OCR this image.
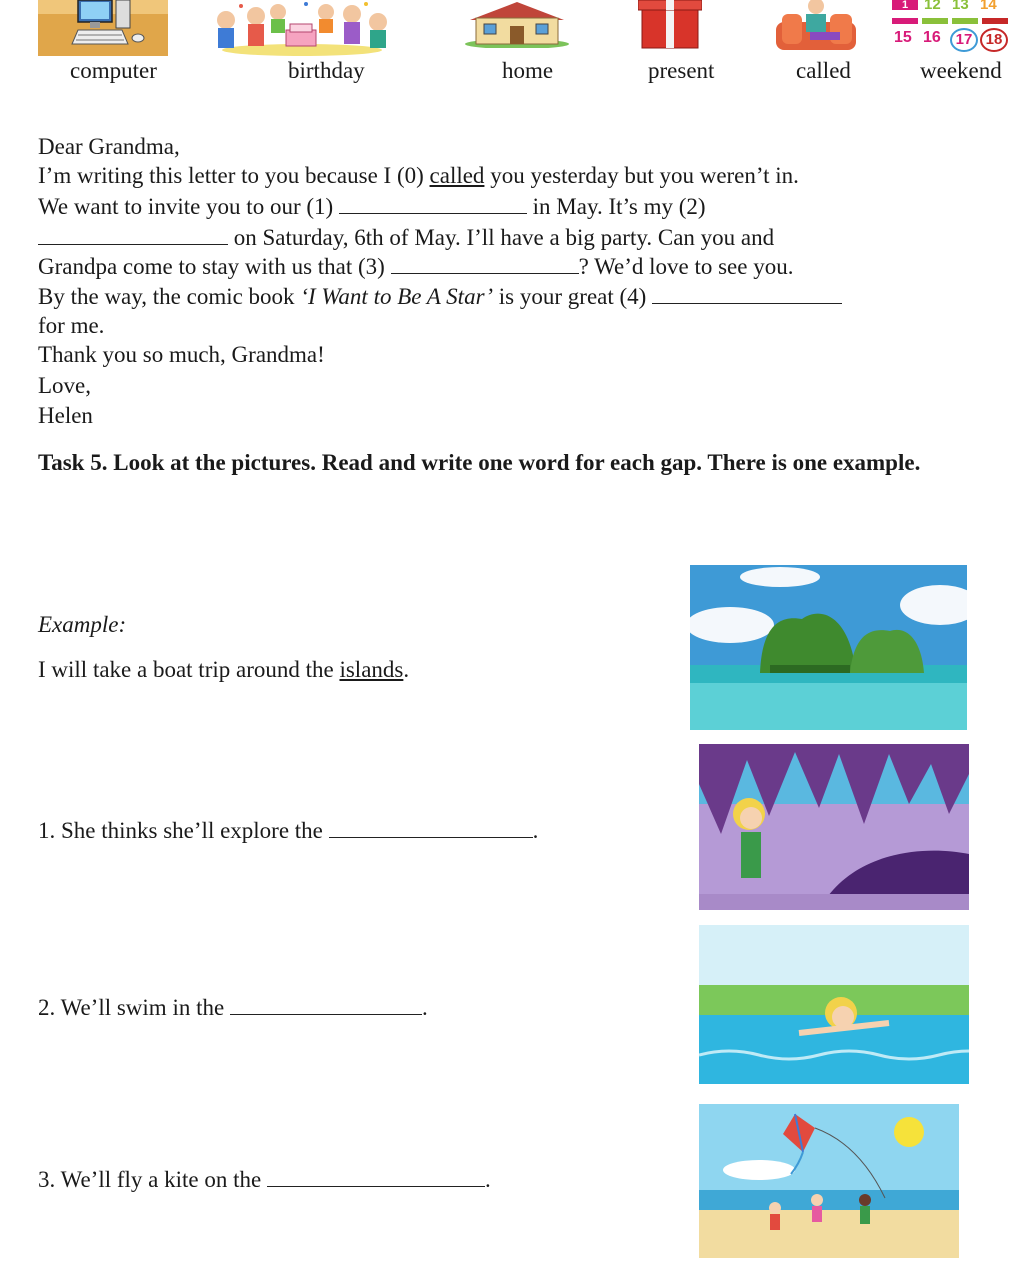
1	12 13 14
15 16 17 18
computer	birthday	home	present	called	weekend
Dear Grandma,
I’m writing this letter to you because I (0) called you yesterday but you weren’t in.
We want to invite you to our (1)	in May. It’s my (2)
on Saturday, 6th of May. I’ll have a big party. Can you and
Grandpa come to stay with us that (3)	? We’d love to see you.
By the way, the comic book ‘I Want to Be A Star’ is your great (4)
for me.
Thank you so much, Grandma!
Love,
Helen
Task 5. Look at the pictures. Read and write one word for each gap. There is one example.
Example:
I will take a boat trip around the islands.
1. She thinks she’ll explore the	.
2. We’ll swim in the	.
3. We’ll fly a kite on the	.
